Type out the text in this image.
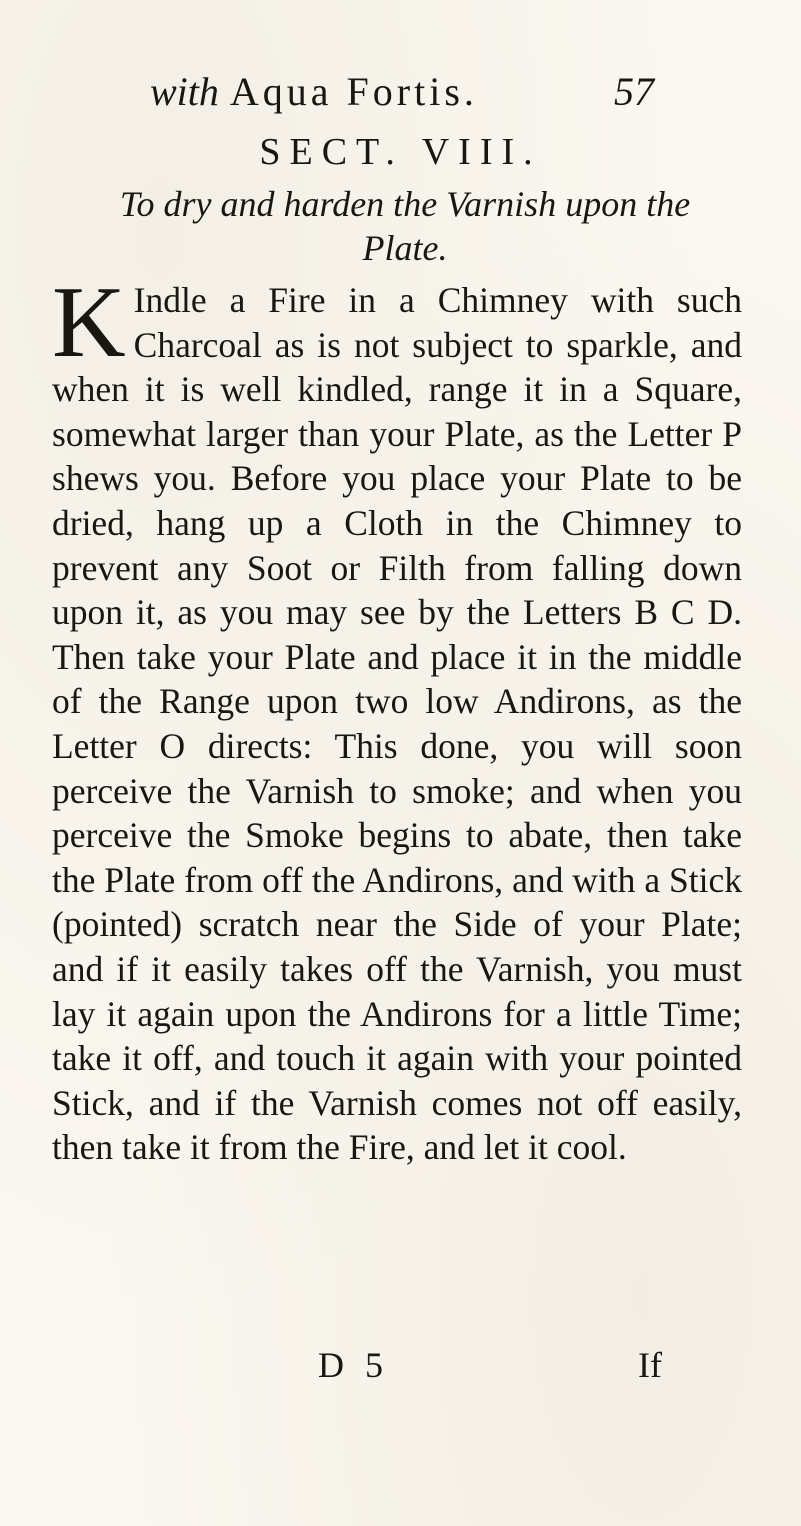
with Aqua Fortis.	57
SECT. VIII.
To dry and harden the Varnish upon the
Plate.
K Indle a Fire in a Chimney with such Charcoal as is not subject to sparkle, and when it is well kindled, range it in a Square, somewhat larger than your Plate, as the Letter P shews you. Before you place your Plate to be dried, hang up a Cloth in the Chimney to prevent any Soot or Filth from falling down upon it, as you may see by the Letters B C D. Then take your Plate and place it in the middle of the Range upon two low Andirons, as the Letter O directs: This done, you will soon perceive the Varnish to smoke; and when you perceive the Smoke begins to abate, then take the Plate from off the Andirons, and with a Stick (pointed) scratch near the Side of your Plate; and if it easily takes off the Varnish, you must lay it again upon the Andirons for a little Time; take it off, and touch it again with your pointed Stick, and if the Varnish comes not off easily, then take it from the Fire, and let it cool.
D 5	If
